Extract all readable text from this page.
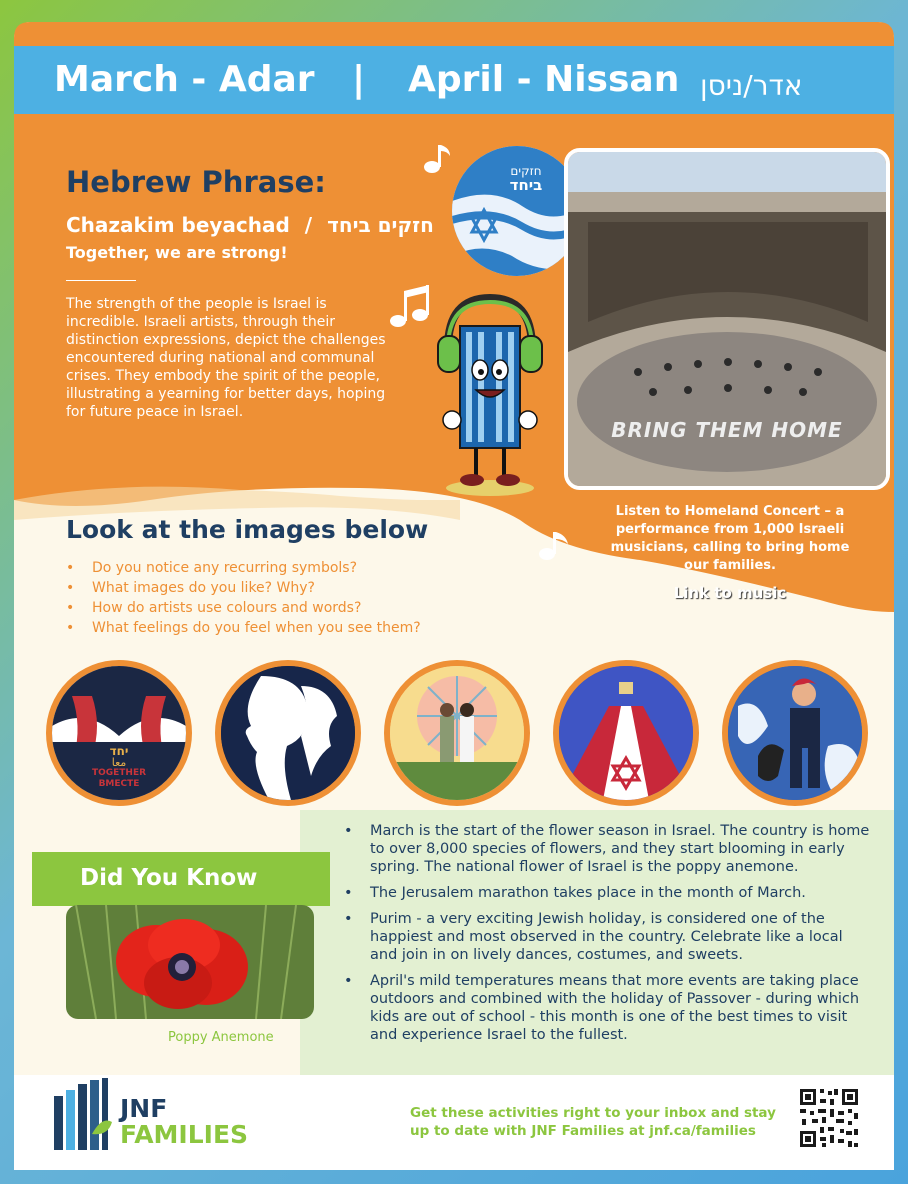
March - Adar | April - Nissan אדר/ניסן
Hebrew Phrase:
Chazakim beyachad / חזקים ביחד
Together, we are strong!
The strength of the people is Israel is incredible. Israeli artists, through their distinction expressions, depict the challenges encountered during national and communal crises. They embody the spirit of the people, illustrating a yearning for better days, hoping for future peace in Israel.
חזקים
ביחד
BRING THEM HOME
Listen to Homeland Concert – a performance from 1,000 Israeli musicians, calling to bring home our families.
Link to music
Look at the images below
• Do you notice any recurring symbols?
• What images do you like? Why?
• How do artists use colours and words?
• What feelings do you feel when you see them?
יחד
معا
TOGETHER
ВМЕСТЕ
Did You Know
Poppy Anemone
• March is the start of the flower season in Israel. The country is home to over 8,000 species of flowers, and they start blooming in early spring. The national flower of Israel is the poppy anemone.
• The Jerusalem marathon takes place in the month of March.
• Purim - a very exciting Jewish holiday, is considered one of the happiest and most observed in the country. Celebrate like a local and join in on lively dances, costumes, and sweets.
• April's mild temperatures means that more events are taking place outdoors and combined with the holiday of Passover - during which kids are out of school - this month is one of the best times to visit and experience Israel to the fullest.
JNF
FAMILIES
Get these activities right to your inbox and stay up to date with JNF Families at jnf.ca/families
